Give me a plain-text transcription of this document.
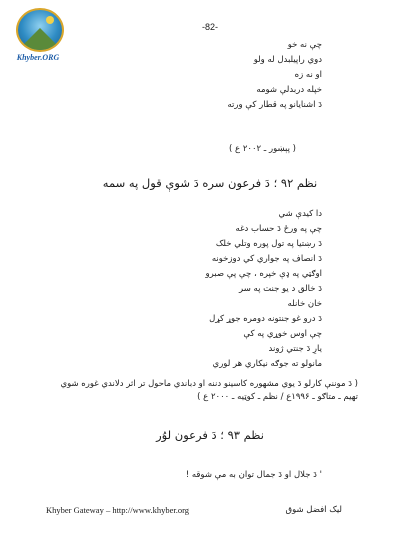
Khyber.ORG
-82-
چې نه خو
دوي راپيلبدل له ولو
او نه زه
خپله دربدلې شومه
دَ اشنايانو په قطار کې ورته
( پېښور ـ ۲۰۰۲ ع )
نظم ۹۲ ؛ دَ فرعون سره دَ شوې قول په سمه
دا کيدې شي
چې په ورځ دَ حساب دغه
دَ رښتيا په تول پوره وتلي خلک
دَ انصاف په جواري کي دوزخونه
اوګټي په ډې خپره ، چې پې صبرو
دَ خالق د يو جنت په سر
خان خانله
دَ درو غو جنتونه دومره جوړ کړل
چې اوس خوړي په کې
يارِ دَ جنتي ژوند
مانولو ته جوګه نيکاري هر لوري
( دَ موننې کارلو دَ يوي مشهوره کاسينو دننه او دباندي ماحول تر اثر دلاندي غوره شوي
تهيم ـ متاګو ـ ۱۹۹۶ع / نظم ـ کوټيه ـ ۲۰۰۰ ع )
نظم ۹۳ ؛ دَ فرعون لوُر
' دَ جلال او دَ جمال توان به مې شوقه !
Khyber Gateway – http://www.khyber.org	ليک افضل شوق
